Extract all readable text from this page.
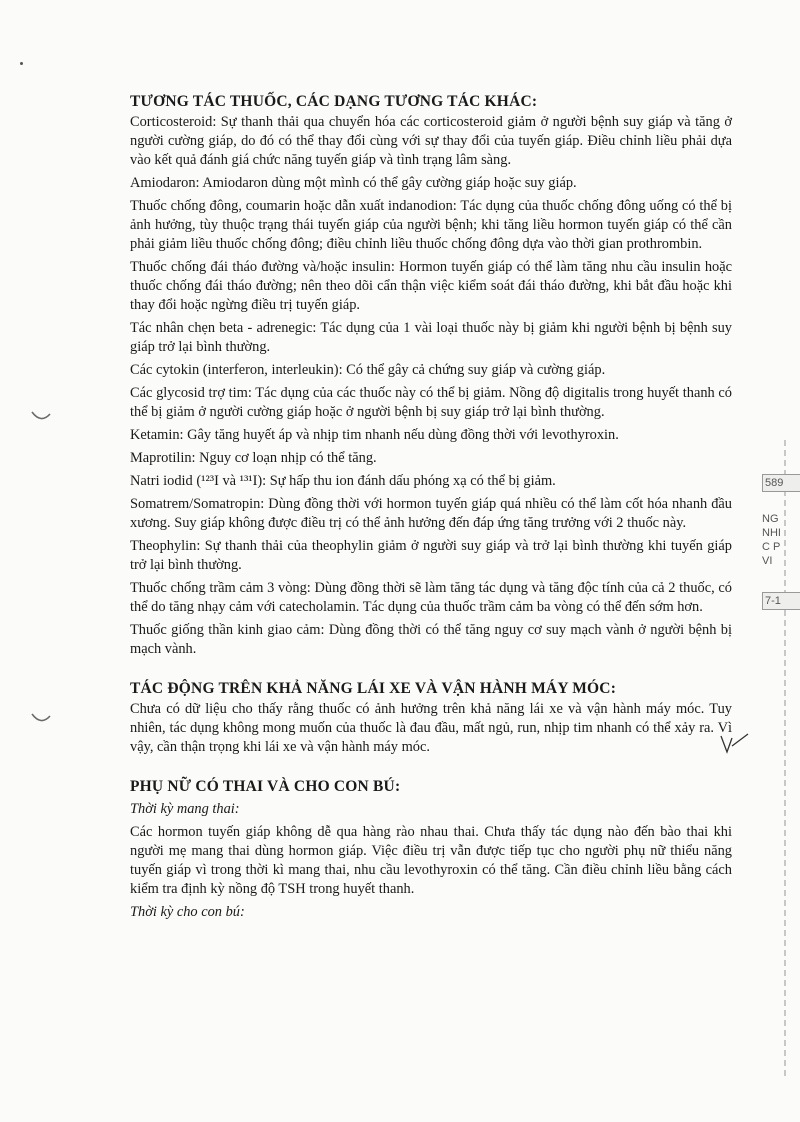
589
NG
NHI
C P
VI
7-1
TƯƠNG TÁC THUỐC, CÁC DẠNG TƯƠNG TÁC KHÁC:

Corticosteroid: Sự thanh thải qua chuyển hóa các corticosteroid giảm ở người bệnh suy giáp và tăng ở người cường giáp, do đó có thể thay đổi cùng với sự thay đổi của tuyến giáp. Điều chỉnh liều phải dựa vào kết quả đánh giá chức năng tuyến giáp và tình trạng lâm sàng.

Amiodaron: Amiodaron dùng một mình có thể gây cường giáp hoặc suy giáp.

Thuốc chống đông, coumarin hoặc dẫn xuất indanodion: Tác dụng của thuốc chống đông uống có thể bị ảnh hưởng, tùy thuộc trạng thái tuyến giáp của người bệnh; khi tăng liều hormon tuyến giáp có thể cần phải giảm liều thuốc chống đông; điều chỉnh liều thuốc chống đông dựa vào thời gian prothrombin.

Thuốc chống đái tháo đường và/hoặc insulin: Hormon tuyến giáp có thể làm tăng nhu cầu insulin hoặc thuốc chống đái tháo đường; nên theo dõi cẩn thận việc kiểm soát đái tháo đường, khi bắt đầu hoặc khi thay đổi hoặc ngừng điều trị tuyến giáp.

Tác nhân chẹn beta - adrenegic: Tác dụng của 1 vài loại thuốc này bị giảm khi người bệnh bị bệnh suy giáp trở lại bình thường.

Các cytokin (interferon, interleukin): Có thể gây cả chứng suy giáp và cường giáp.

Các glycosid trợ tim: Tác dụng của các thuốc này có thể bị giảm. Nồng độ digitalis trong huyết thanh có thể bị giảm ở người cường giáp hoặc ở người bệnh bị suy giáp trở lại bình thường.

Ketamin: Gây tăng huyết áp và nhịp tim nhanh nếu dùng đồng thời với levothyroxin.

Maprotilin: Nguy cơ loạn nhịp có thể tăng.

Natri iodid (¹²³I và ¹³¹I): Sự hấp thu ion đánh dấu phóng xạ có thể bị giảm.

Somatrem/Somatropin: Dùng đồng thời với hormon tuyến giáp quá nhiều có thể làm cốt hóa nhanh đầu xương. Suy giáp không được điều trị có thể ảnh hưởng đến đáp ứng tăng trưởng với 2 thuốc này.

Theophylin: Sự thanh thải của theophylin giảm ở người suy giáp và trở lại bình thường khi tuyến giáp trở lại bình thường.

Thuốc chống trầm cảm 3 vòng: Dùng đồng thời sẽ làm tăng tác dụng và tăng độc tính của cả 2 thuốc, có thể do tăng nhạy cảm với catecholamin. Tác dụng của thuốc trầm cảm ba vòng có thể đến sớm hơn.

Thuốc giống thần kinh giao cảm: Dùng đồng thời có thể tăng nguy cơ suy mạch vành ở người bệnh bị mạch vành.

TÁC ĐỘNG TRÊN KHẢ NĂNG LÁI XE VÀ VẬN HÀNH MÁY MÓC:

Chưa có dữ liệu cho thấy rằng thuốc có ảnh hưởng trên khả năng lái xe và vận hành máy móc. Tuy nhiên, tác dụng không mong muốn của thuốc là đau đầu, mất ngủ, run, nhịp tim nhanh có thể xảy ra. Vì vậy, cần thận trọng khi lái xe và vận hành máy móc.

PHỤ NỮ CÓ THAI VÀ CHO CON BÚ:

Thời kỳ mang thai:

Các hormon tuyến giáp không dễ qua hàng rào nhau thai. Chưa thấy tác dụng nào đến bào thai khi người mẹ mang thai dùng hormon giáp. Việc điều trị vẫn được tiếp tục cho người phụ nữ thiểu năng tuyến giáp vì trong thời kì mang thai, nhu cầu levothyroxin có thể tăng. Cần điều chỉnh liều bằng cách kiểm tra định kỳ nồng độ TSH trong huyết thanh.

Thời kỳ cho con bú:
